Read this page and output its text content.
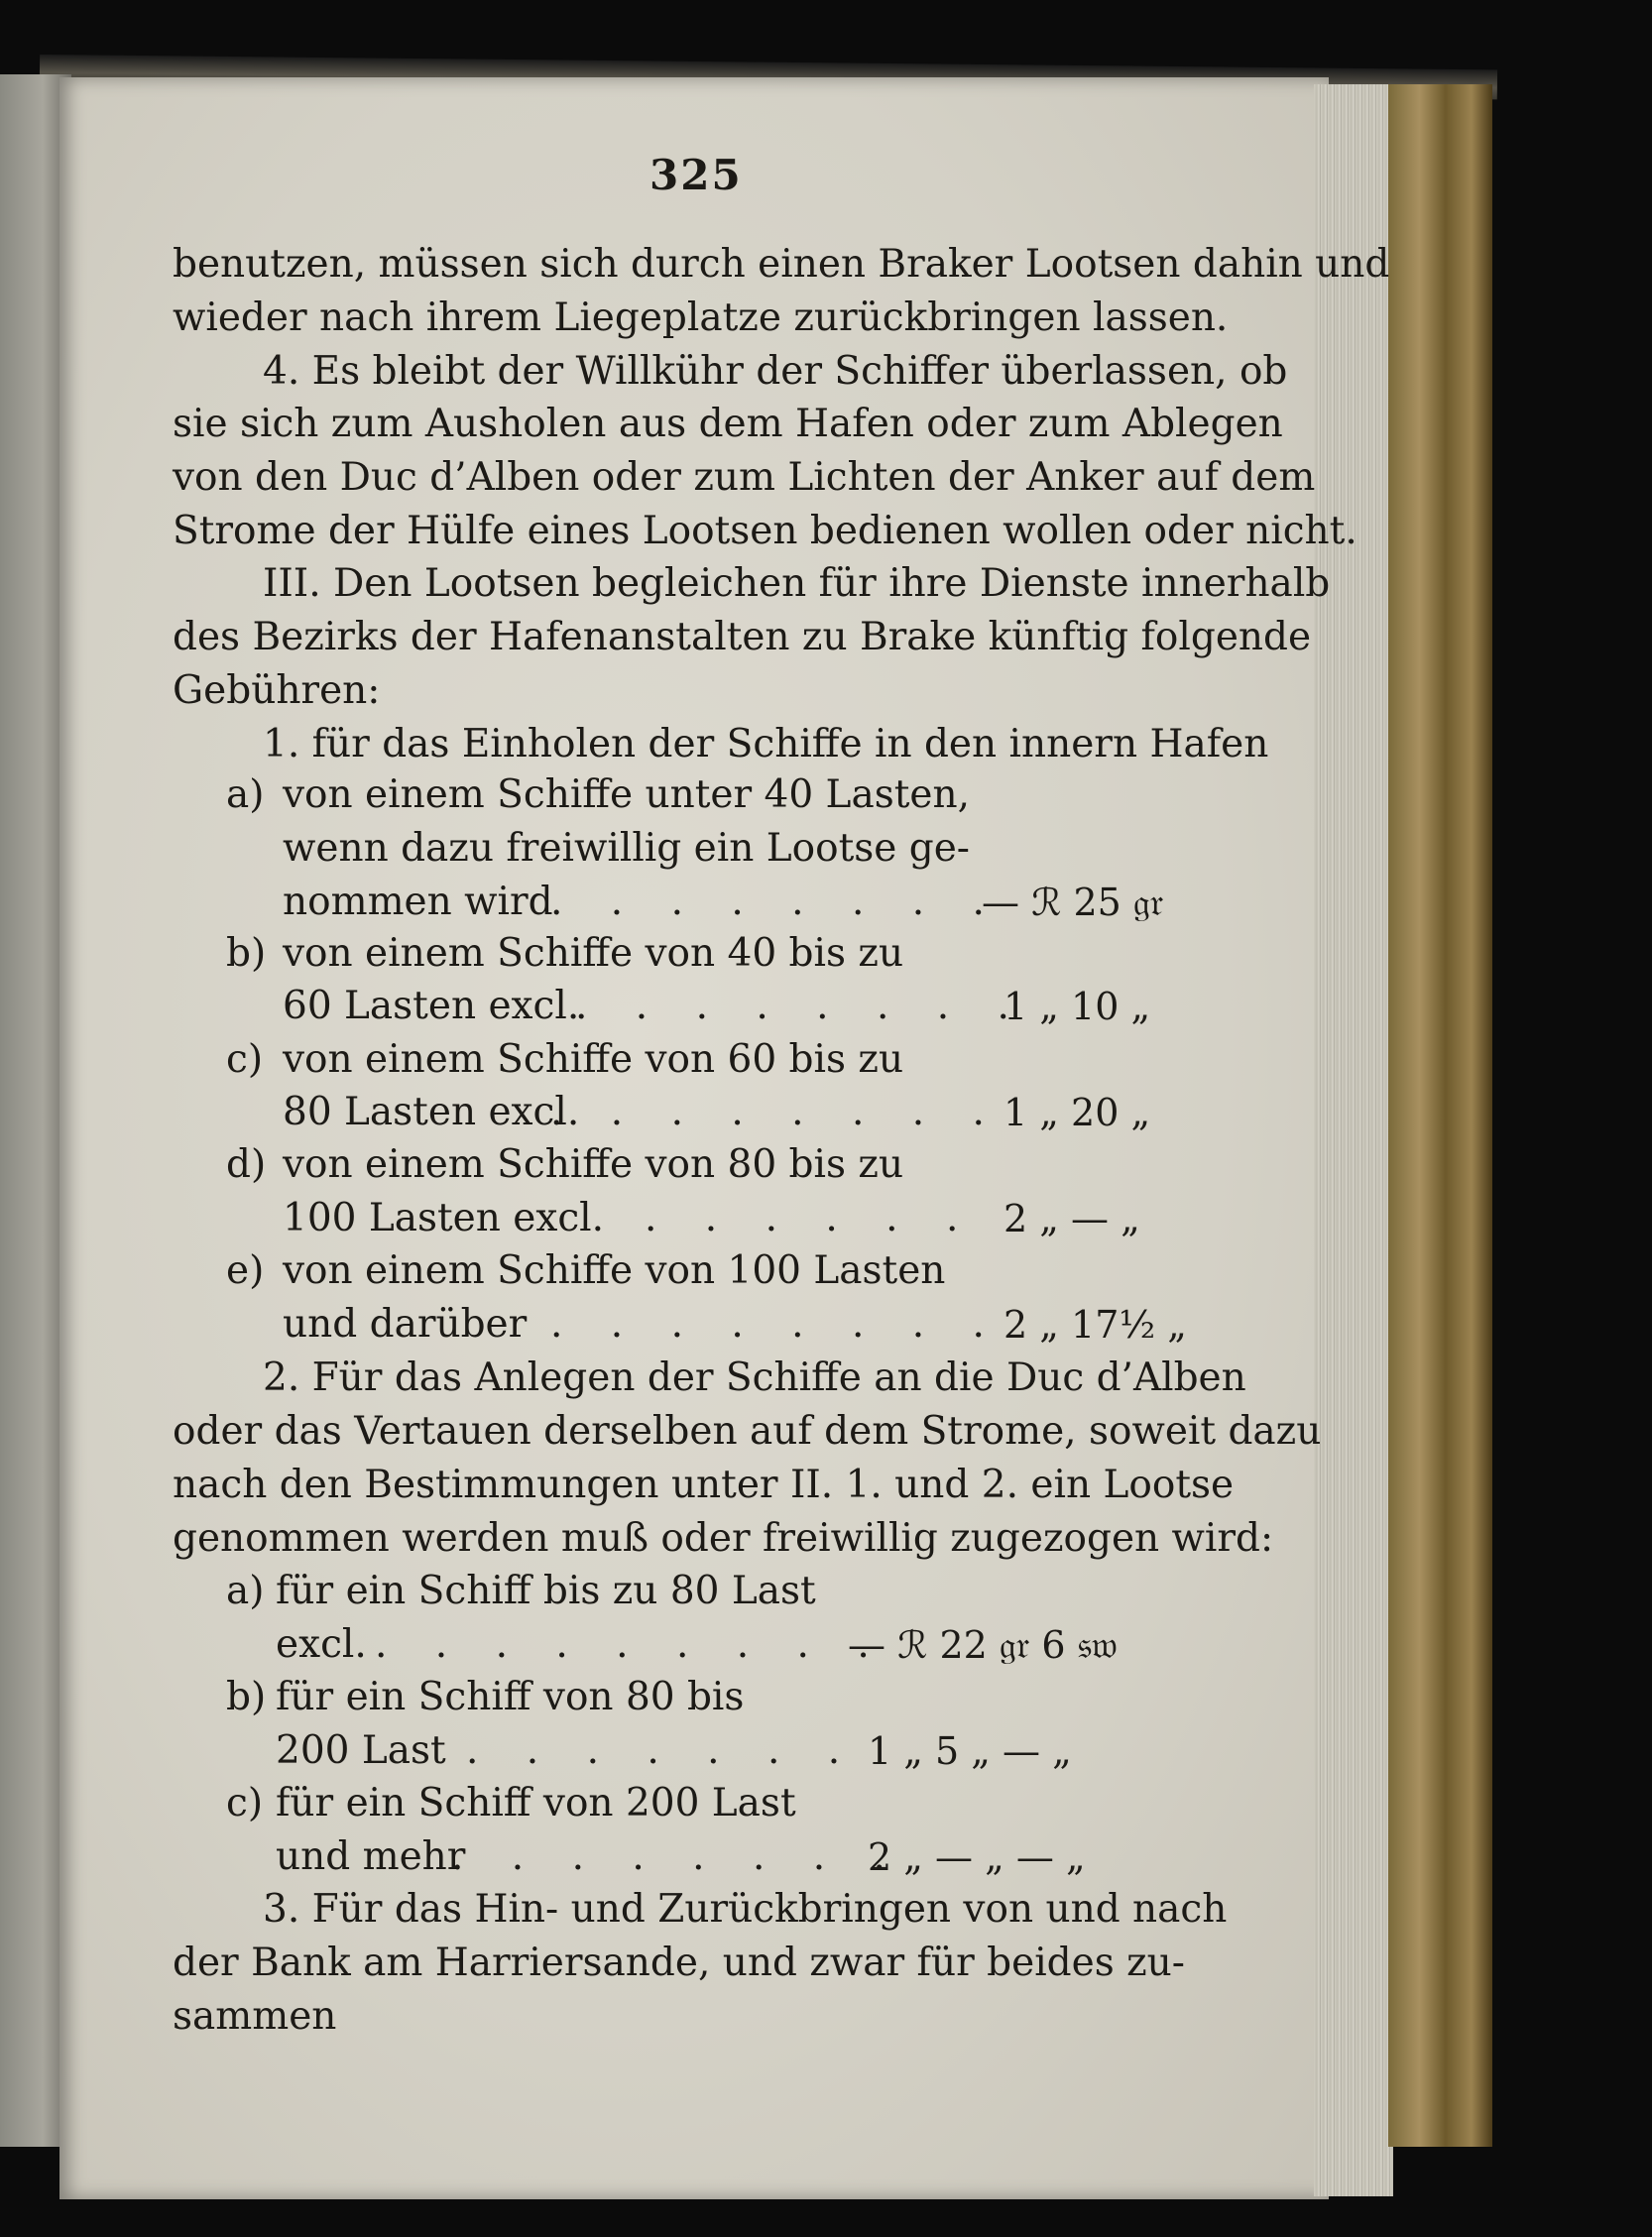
325
benutzen, müssen sich durch einen Braker Lootsen dahin und
wieder nach ihrem Liegeplatze zurückbringen lassen.
4. Es bleibt der Willkühr der Schiffer überlassen, ob
sie sich zum Ausholen aus dem Hafen oder zum Ablegen
von den Duc d’Alben oder zum Lichten der Anker auf dem
Strome der Hülfe eines Lootsen bedienen wollen oder nicht.
III. Den Lootsen begleichen für ihre Dienste innerhalb
des Bezirks der Hafenanstalten zu Brake künftig folgende
Gebühren:
1. für das Einholen der Schiffe in den innern Hafen
a) von einem Schiffe unter 40 Lasten,
wenn dazu freiwillig ein Lootse ge-
nommen wird
. . . . . . . .
— ℛ 25 𝔤𝔯
b) von einem Schiffe von 40 bis zu
60 Lasten excl.
. . . . . . . .
1 „ 10 „
c) von einem Schiffe von 60 bis zu
80 Lasten excl.
. . . . . . . . 1 „ 20 „
d) von einem Schiffe von 80 bis zu
100 Lasten excl. . . . . . . 2 „ — „
e) von einem Schiffe von 100 Lasten
und darüber . . . . . . . . 2 „ 17½ „
2. Für das Anlegen der Schiffe an die Duc d’Alben
oder das Vertauen derselben auf dem Strome, soweit dazu
nach den Bestimmungen unter II. 1. und 2. ein Lootse
genommen werden muß oder freiwillig zugezogen wird:
a) für ein Schiff bis zu 80 Last
excl. . . . . . . . . .
— ℛ 22 𝔤𝔯 6 𝔰𝔴
b) für ein Schiff von 80 bis
200 Last . . . . . . . 1 „ 5 „ — „
c) für ein Schiff von 200 Last
und mehr
. . . . . . . .
2 „ — „ — „
3. Für das Hin- und Zurückbringen von und nach
der Bank am Harriersande, und zwar für beides zu-
sammen
